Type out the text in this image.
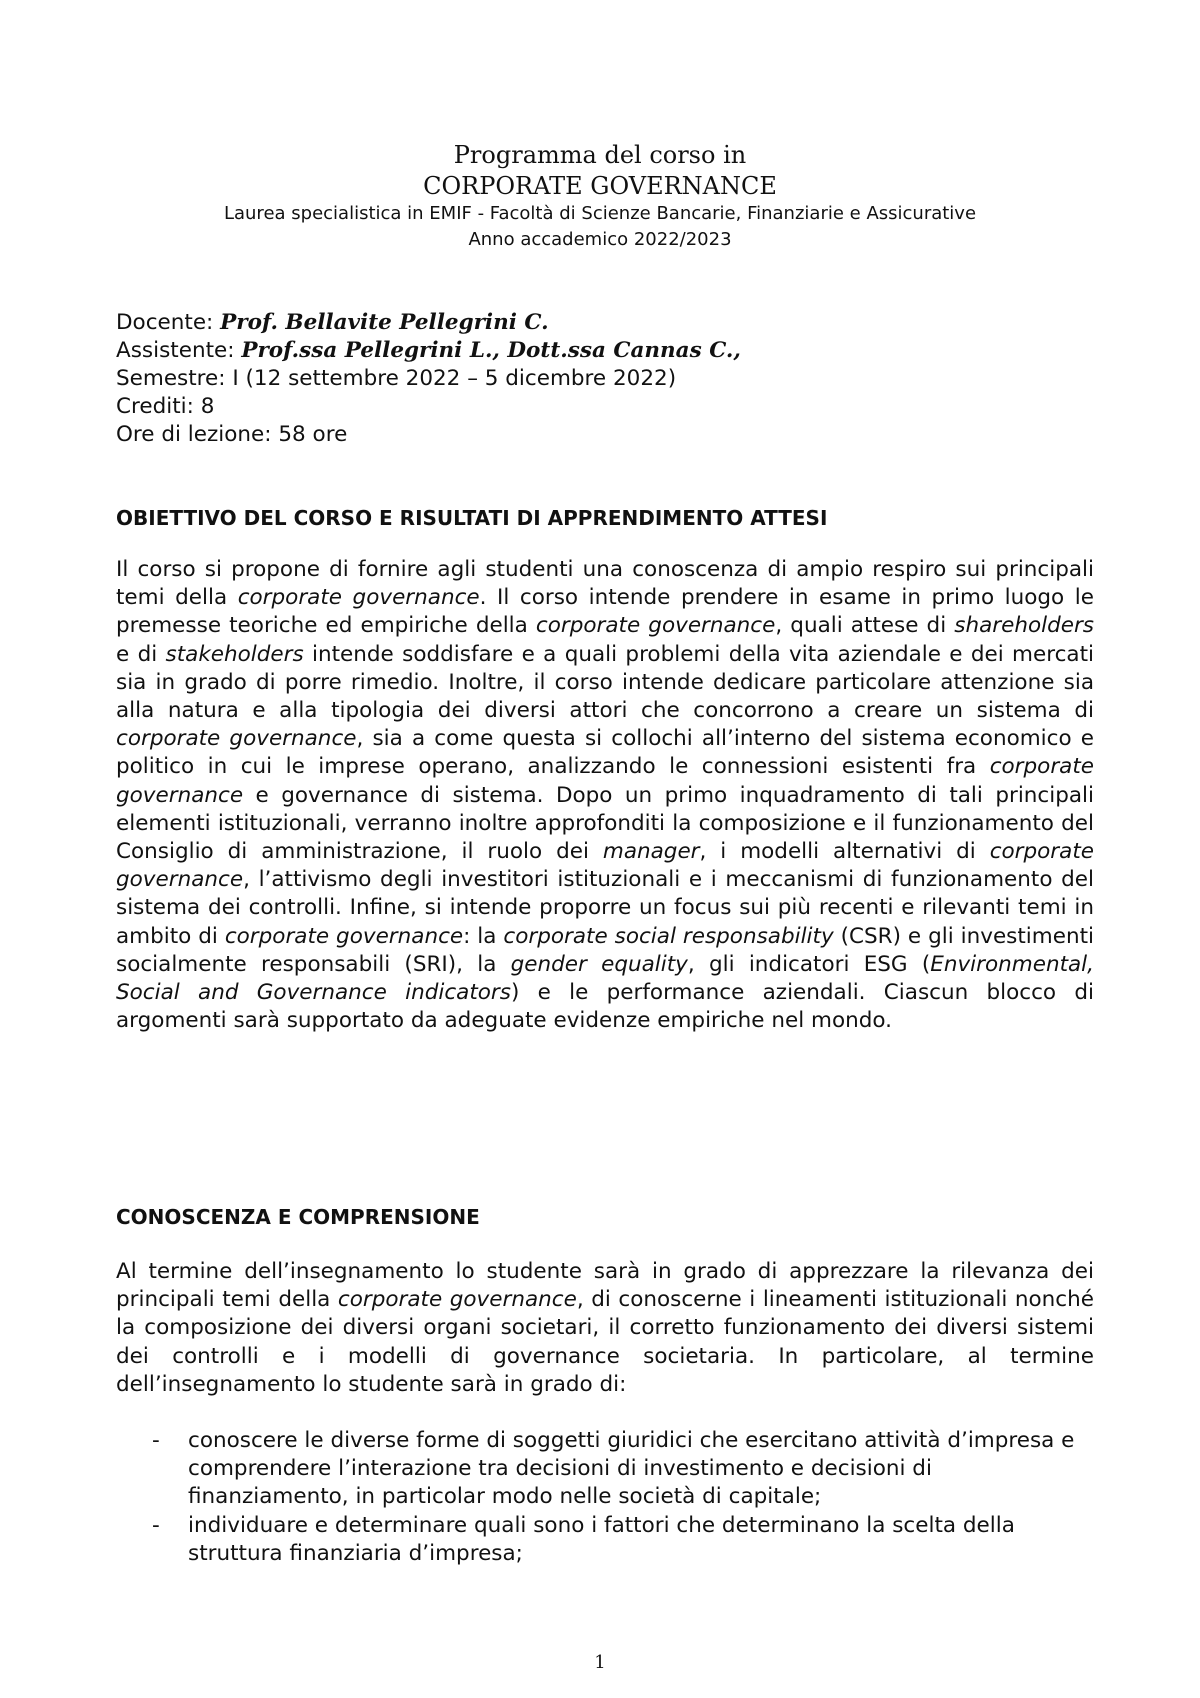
Programma del corso in
CORPORATE GOVERNANCE
Laurea specialistica in EMIF - Facoltà di Scienze Bancarie, Finanziarie e Assicurative
Anno accademico 2022/2023
Docente: Prof. Bellavite Pellegrini C.
Assistente: Prof.ssa Pellegrini L., Dott.ssa Cannas C.,
Semestre: I (12 settembre 2022 – 5 dicembre 2022)
Crediti: 8
Ore di lezione: 58 ore
OBIETTIVO DEL CORSO E RISULTATI DI APPRENDIMENTO ATTESI
Il corso si propone di fornire agli studenti una conoscenza di ampio respiro sui principali temi della corporate governance. Il corso intende prendere in esame in primo luogo le premesse teoriche ed empiriche della corporate governance, quali attese di shareholders e di stakeholders intende soddisfare e a quali problemi della vita aziendale e dei mercati sia in grado di porre rimedio. Inoltre, il corso intende dedicare particolare attenzione sia alla natura e alla tipologia dei diversi attori che concorrono a creare un sistema di corporate governance, sia a come questa si collochi all’interno del sistema economico e politico in cui le imprese operano, analizzando le connessioni esistenti fra corporate governance e governance di sistema. Dopo un primo inquadramento di tali principali elementi istituzionali, verranno inoltre approfonditi la composizione e il funzionamento del Consiglio di amministrazione, il ruolo dei manager, i modelli alternativi di corporate governance, l’attivismo degli investitori istituzionali e i meccanismi di funzionamento del sistema dei controlli. Infine, si intende proporre un focus sui più recenti e rilevanti temi in ambito di corporate governance: la corporate social responsability (CSR) e gli investimenti socialmente responsabili (SRI), la gender equality, gli indicatori ESG (Environmental, Social and Governance indicators) e le performance aziendali. Ciascun blocco di argomenti sarà supportato da adeguate evidenze empiriche nel mondo.
CONOSCENZA E COMPRENSIONE
Al termine dell’insegnamento lo studente sarà in grado di apprezzare la rilevanza dei principali temi della corporate governance, di conoscerne i lineamenti istituzionali nonché la composizione dei diversi organi societari, il corretto funzionamento dei diversi sistemi dei controlli e i modelli di governance societaria. In particolare, al termine dell’insegnamento lo studente sarà in grado di:
- conoscere le diverse forme di soggetti giuridici che esercitano attività d’impresa e comprendere l’interazione tra decisioni di investimento e decisioni di finanziamento, in particolar modo nelle società di capitale;
- individuare e determinare quali sono i fattori che determinano la scelta della struttura finanziaria d’impresa;
1
